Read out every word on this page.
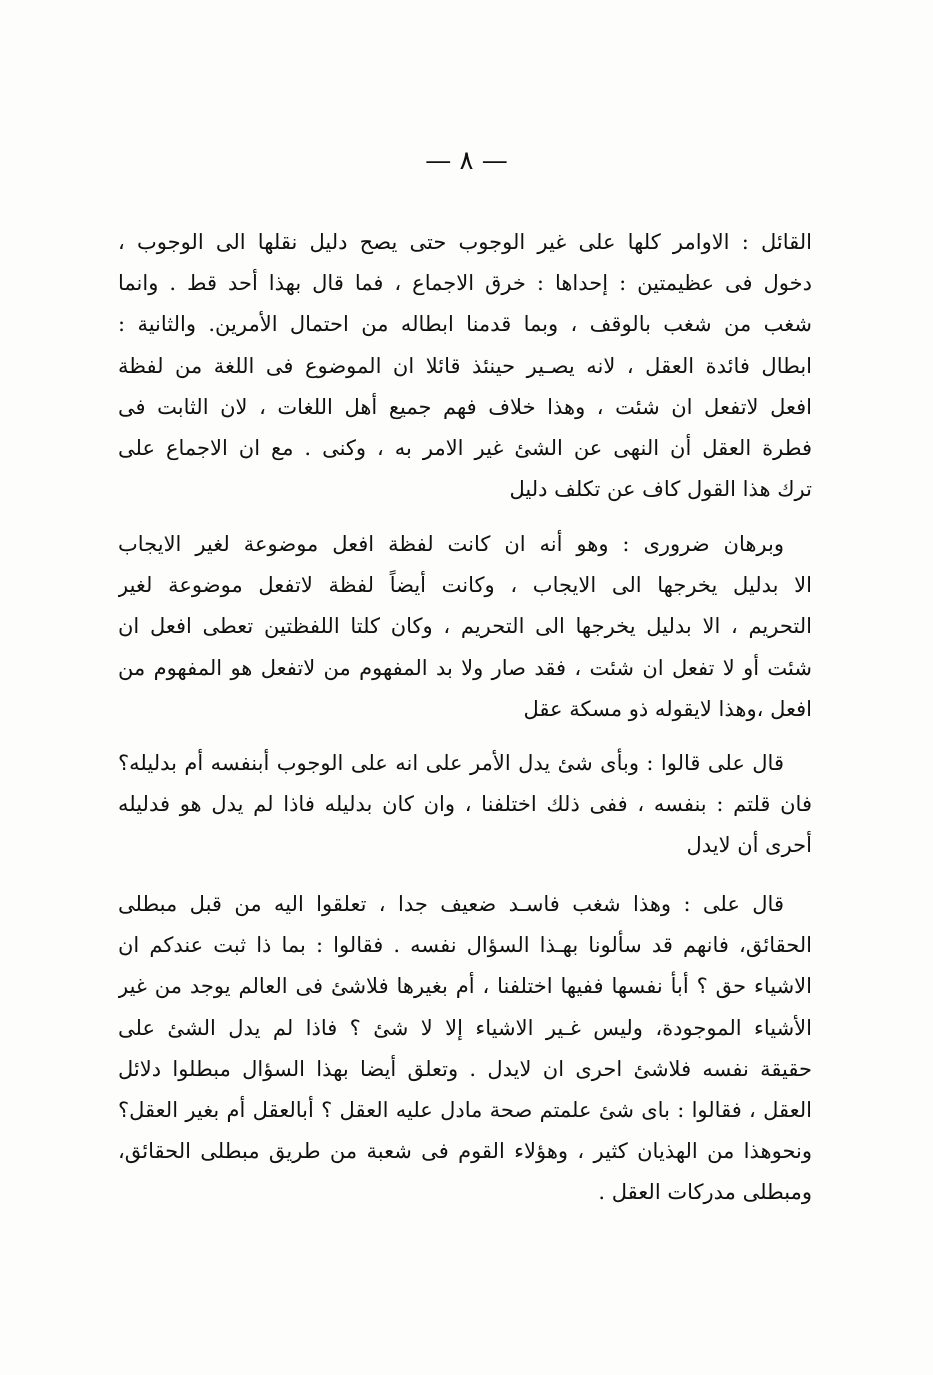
— ٨ —
القائل : الاوامر كلها على غير الوجوب حتى يصح دليل نقلها الى الوجوب ،
دخول فى عظيمتين : إحداها : خرق الاجماع ، فما قال بهذا أحد قط . وانما
شغب من شغب بالوقف ، وبما قدمنا ابطاله من احتمال الأمرين. والثانية :
ابطال فائدة العقل ، لانه يصـير حينئذ قائلا ان الموضوع فى اللغة من لفظة
افعل لاتفعل ان شئت ، وهذا خلاف فهم جميع أهل اللغات ، لان الثابت فى
فطرة العقل أن النهى عن الشئ غير الامر به ، وكنى . مع ان الاجماع على
ترك هذا القول كاف عن تكلف دليل
وبرهان ضرورى : وهو أنه ان كانت لفظة افعل موضوعة لغير الايجاب
الا بدليل يخرجها الى الايجاب ، وكانت أيضاً لفظة لاتفعل موضوعة لغير
التحريم ، الا بدليل يخرجها الى التحريم ، وكان كلتا اللفظتين تعطى افعل ان
شئت أو لا تفعل ان شئت ، فقد صار ولا بد المفهوم من لاتفعل هو المفهوم من
افعل ،وهذا لايقوله ذو مسكة عقل
قال على قالوا : وبأى شئ يدل الأمر على انه على الوجوب أبنفسه أم بدليله؟
فان قلتم : بنفسه ، ففى ذلك اختلفنا ، وان كان بدليله فاذا لم يدل هو فدليله
أحرى أن لايدل
قال على : وهذا شغب فاسـد ضعيف جدا ، تعلقوا اليه من قبل مبطلى
الحقائق، فانهم قد سألونا بهـذا السؤال نفسه . فقالوا : بما ذا ثبت عندكم ان
الاشياء حق ؟ أبأ نفسها ففيها اختلفنا ، أم بغيرها فلاشئ فى العالم يوجد من غير
الأشياء الموجودة، وليس غـير الاشياء إلا لا شئ ؟ فاذا لم يدل الشئ على
حقيقة نفسه فلاشئ احرى ان لايدل . وتعلق أيضا بهذا السؤال مبطلوا دلائل
العقل ، فقالوا : باى شئ علمتم صحة مادل عليه العقل ؟ أبالعقل أم بغير العقل؟
ونحوهذا من الهذيان كثير ، وهؤلاء القوم فى شعبة من طريق مبطلى الحقائق،
ومبطلى مدركات العقل .
